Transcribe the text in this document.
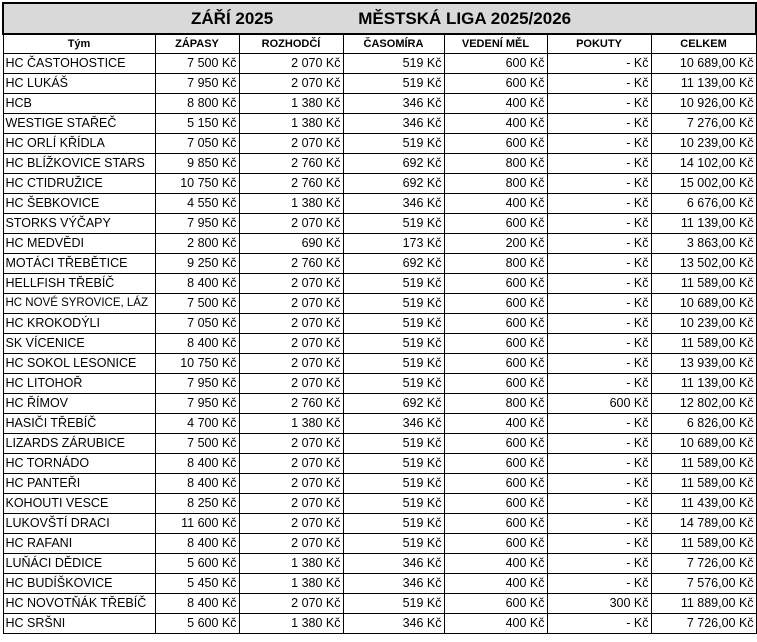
ZÁŘÍ 2025 MĚSTSKÁ LIGA 2025/2026						

Tým	ZÁPASY	ROZHODČÍ	ČASOMÍRA	VEDENÍ MĚL	POKUTY	CELKEM
HC ČASTOHOSTICE	7 500 Kč	2 070 Kč	519 Kč	600 Kč	- Kč	10 689,00 Kč
HC LUKÁŠ	7 950 Kč	2 070 Kč	519 Kč	600 Kč	- Kč	11 139,00 Kč
HCB	8 800 Kč	1 380 Kč	346 Kč	400 Kč	- Kč	10 926,00 Kč
WESTIGE STAŘEČ	5 150 Kč	1 380 Kč	346 Kč	400 Kč	- Kč	7 276,00 Kč
HC ORLÍ KŘÍDLA	7 050 Kč	2 070 Kč	519 Kč	600 Kč	- Kč	10 239,00 Kč
HC BLÍŽKOVICE STARS	9 850 Kč	2 760 Kč	692 Kč	800 Kč	- Kč	14 102,00 Kč
HC CTIDRUŽICE	10 750 Kč	2 760 Kč	692 Kč	800 Kč	- Kč	15 002,00 Kč
HC ŠEBKOVICE	4 550 Kč	1 380 Kč	346 Kč	400 Kč	- Kč	6 676,00 Kč
STORKS VÝČAPY	7 950 Kč	2 070 Kč	519 Kč	600 Kč	- Kč	11 139,00 Kč
HC MEDVĚDI	2 800 Kč	690 Kč	173 Kč	200 Kč	- Kč	3 863,00 Kč
MOTÁCI TŘEBĚTICE	9 250 Kč	2 760 Kč	692 Kč	800 Kč	- Kč	13 502,00 Kč
HELLFISH TŘEBÍČ	8 400 Kč	2 070 Kč	519 Kč	600 Kč	- Kč	11 589,00 Kč
HC NOVÉ SYROVICE, LÁZ	7 500 Kč	2 070 Kč	519 Kč	600 Kč	- Kč	10 689,00 Kč
HC KROKODÝLI	7 050 Kč	2 070 Kč	519 Kč	600 Kč	- Kč	10 239,00 Kč
SK VÍCENICE	8 400 Kč	2 070 Kč	519 Kč	600 Kč	- Kč	11 589,00 Kč
HC SOKOL LESONICE	10 750 Kč	2 070 Kč	519 Kč	600 Kč	- Kč	13 939,00 Kč
HC LITOHOŘ	7 950 Kč	2 070 Kč	519 Kč	600 Kč	- Kč	11 139,00 Kč
HC ŘÍMOV	7 950 Kč	2 760 Kč	692 Kč	800 Kč	600 Kč	12 802,00 Kč
HASIČI TŘEBÍČ	4 700 Kč	1 380 Kč	346 Kč	400 Kč	- Kč	6 826,00 Kč
LIZARDS ZÁRUBICE	7 500 Kč	2 070 Kč	519 Kč	600 Kč	- Kč	10 689,00 Kč
HC TORNÁDO	8 400 Kč	2 070 Kč	519 Kč	600 Kč	- Kč	11 589,00 Kč
HC PANTEŘI	8 400 Kč	2 070 Kč	519 Kč	600 Kč	- Kč	11 589,00 Kč
KOHOUTI VESCE	8 250 Kč	2 070 Kč	519 Kč	600 Kč	- Kč	11 439,00 Kč
LUKOVŠTÍ DRACI	11 600 Kč	2 070 Kč	519 Kč	600 Kč	- Kč	14 789,00 Kč
HC RAFANI	8 400 Kč	2 070 Kč	519 Kč	600 Kč	- Kč	11 589,00 Kč
LUŇÁCI DĚDICE	5 600 Kč	1 380 Kč	346 Kč	400 Kč	- Kč	7 726,00 Kč
HC BUDÍŠKOVICE	5 450 Kč	1 380 Kč	346 Kč	400 Kč	- Kč	7 576,00 Kč
HC NOVOTŇÁK TŘEBÍČ	8 400 Kč	2 070 Kč	519 Kč	600 Kč	300 Kč	11 889,00 Kč
HC SRŠNI	5 600 Kč	1 380 Kč	346 Kč	400 Kč	- Kč	7 726,00 Kč
